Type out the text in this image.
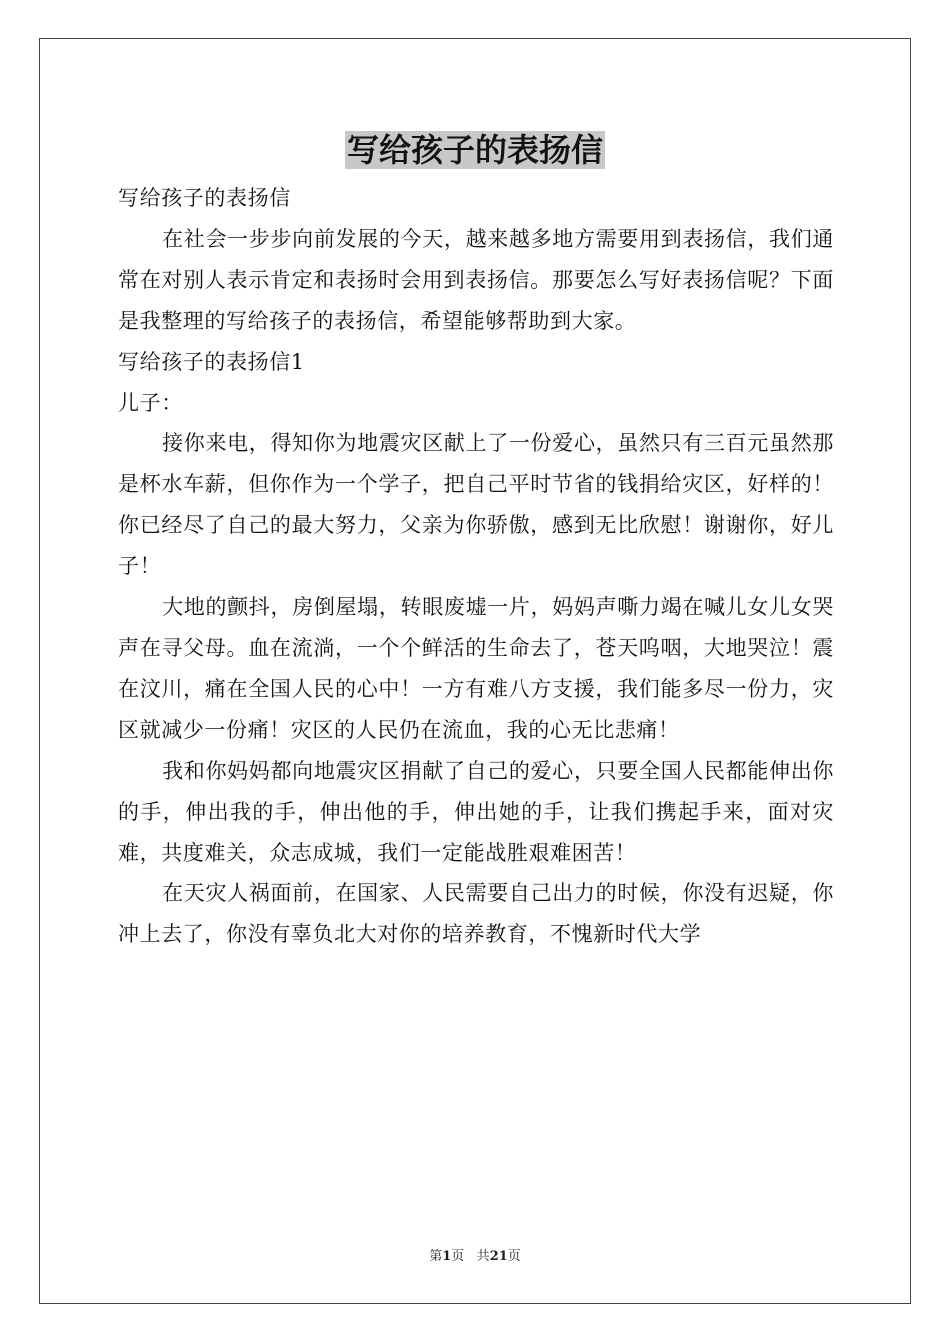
写给孩子的表扬信

写给孩子的表扬信

在社会一步步向前发展的今天，越来越多地方需要用到表扬信，我们通常在对别人表示肯定和表扬时会用到表扬信。那要怎么写好表扬信呢？下面是我整理的写给孩子的表扬信，希望能够帮助到大家。

写给孩子的表扬信1

儿子：

接你来电，得知你为地震灾区献上了一份爱心，虽然只有三百元虽然那是杯水车薪，但你作为一个学子，把自己平时节省的钱捐给灾区，好样的！你已经尽了自己的最大努力，父亲为你骄傲，感到无比欣慰！谢谢你，好儿子！

大地的颤抖，房倒屋塌，转眼废墟一片，妈妈声嘶力竭在喊儿女儿女哭声在寻父母。血在流淌，一个个鲜活的生命去了，苍天呜咽，大地哭泣！震在汶川，痛在全国人民的心中！一方有难八方支援，我们能多尽一份力，灾区就减少一份痛！灾区的人民仍在流血，我的心无比悲痛！

我和你妈妈都向地震灾区捐献了自己的爱心，只要全国人民都能伸出你的手，伸出我的手，伸出他的手，伸出她的手，让我们携起手来，面对灾难，共度难关，众志成城，我们一定能战胜艰难困苦！

在天灾人祸面前，在国家、人民需要自己出力的时候，你没有迟疑，你冲上去了，你没有辜负北大对你的培养教育，不愧新时代大学

第1页 共21页
